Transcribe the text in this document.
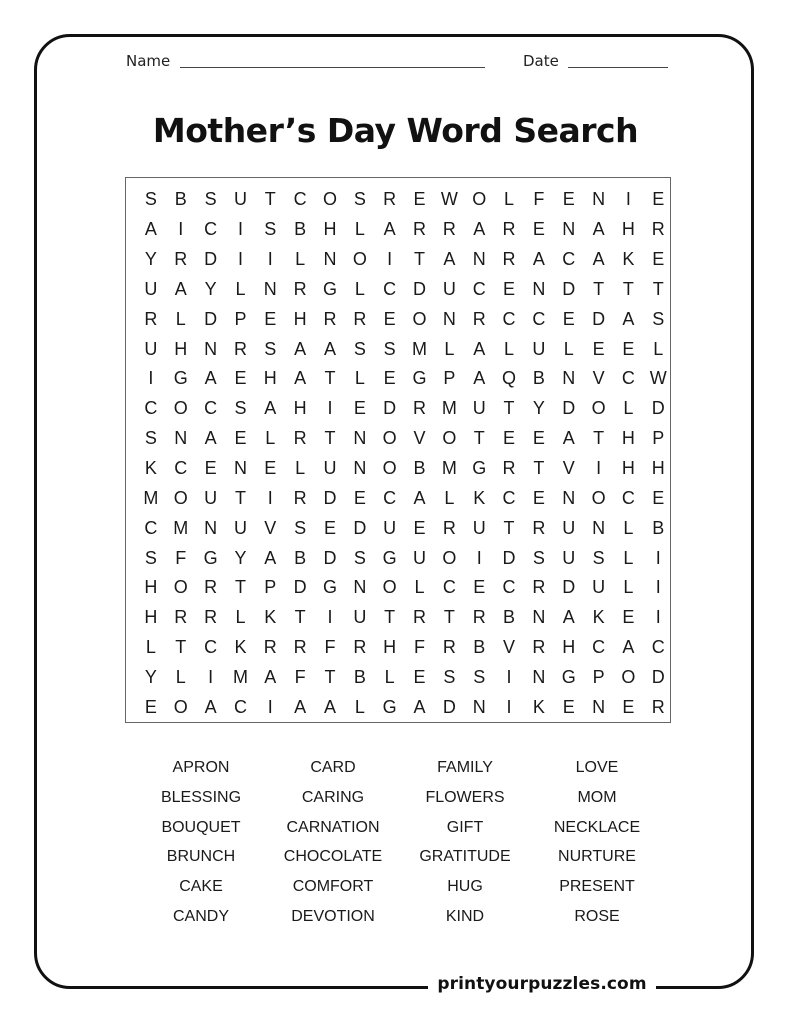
printyourpuzzles.com
Name	Date
Mother’s Day Word Search
S B S U T C O S R E W O L	F	E N	I	E
A	I	C	I	S B H	L	A R R A R E N A H R
Y R D	I	I	L	N O	I	T	A N R A C A K E
U A Y	L	N R G L	C D U C E N D T	T	T
R	L	D P E H R R E O N R C C E D A S
U H N R S A A S S M L	A	L	U	L	E E	L
I	G A E H A	T	L	E G P A Q B N V C W
C O C S A H	I	E D R M U T	Y D O L	D
S N A E	L	R T N O V O T	E E A	T H P
K C E N E	L	U N O B M G R T	V	I	H H
M O U T	I	R D E C A	L	K C E N O C E
C M N U V S E D U E R U T R U N	L	B
S	F G Y A B D S G U O	I	D S U S	L	I
H O R T	P D G N O L	C E C R D U	L	I
H R R	L	K	T	I	U T R T R B N A K E	I
L	T C K R R F R H F R B V R H C A C
Y	L	I	M A	F	T	B	L	E S S	I	N G P O D
E O A C	I	A A	L G A D N	I	K E N E R
APRON	CARD	FAMILY	LOVE
BLESSING	CARING	FLOWERS	MOM
BOUQUET	CARNATION	GIFT	NECKLACE
BRUNCH	CHOCOLATE	GRATITUDE	NURTURE
CAKE	COMFORT	HUG	PRESENT
CANDY	DEVOTION	KIND	ROSE
